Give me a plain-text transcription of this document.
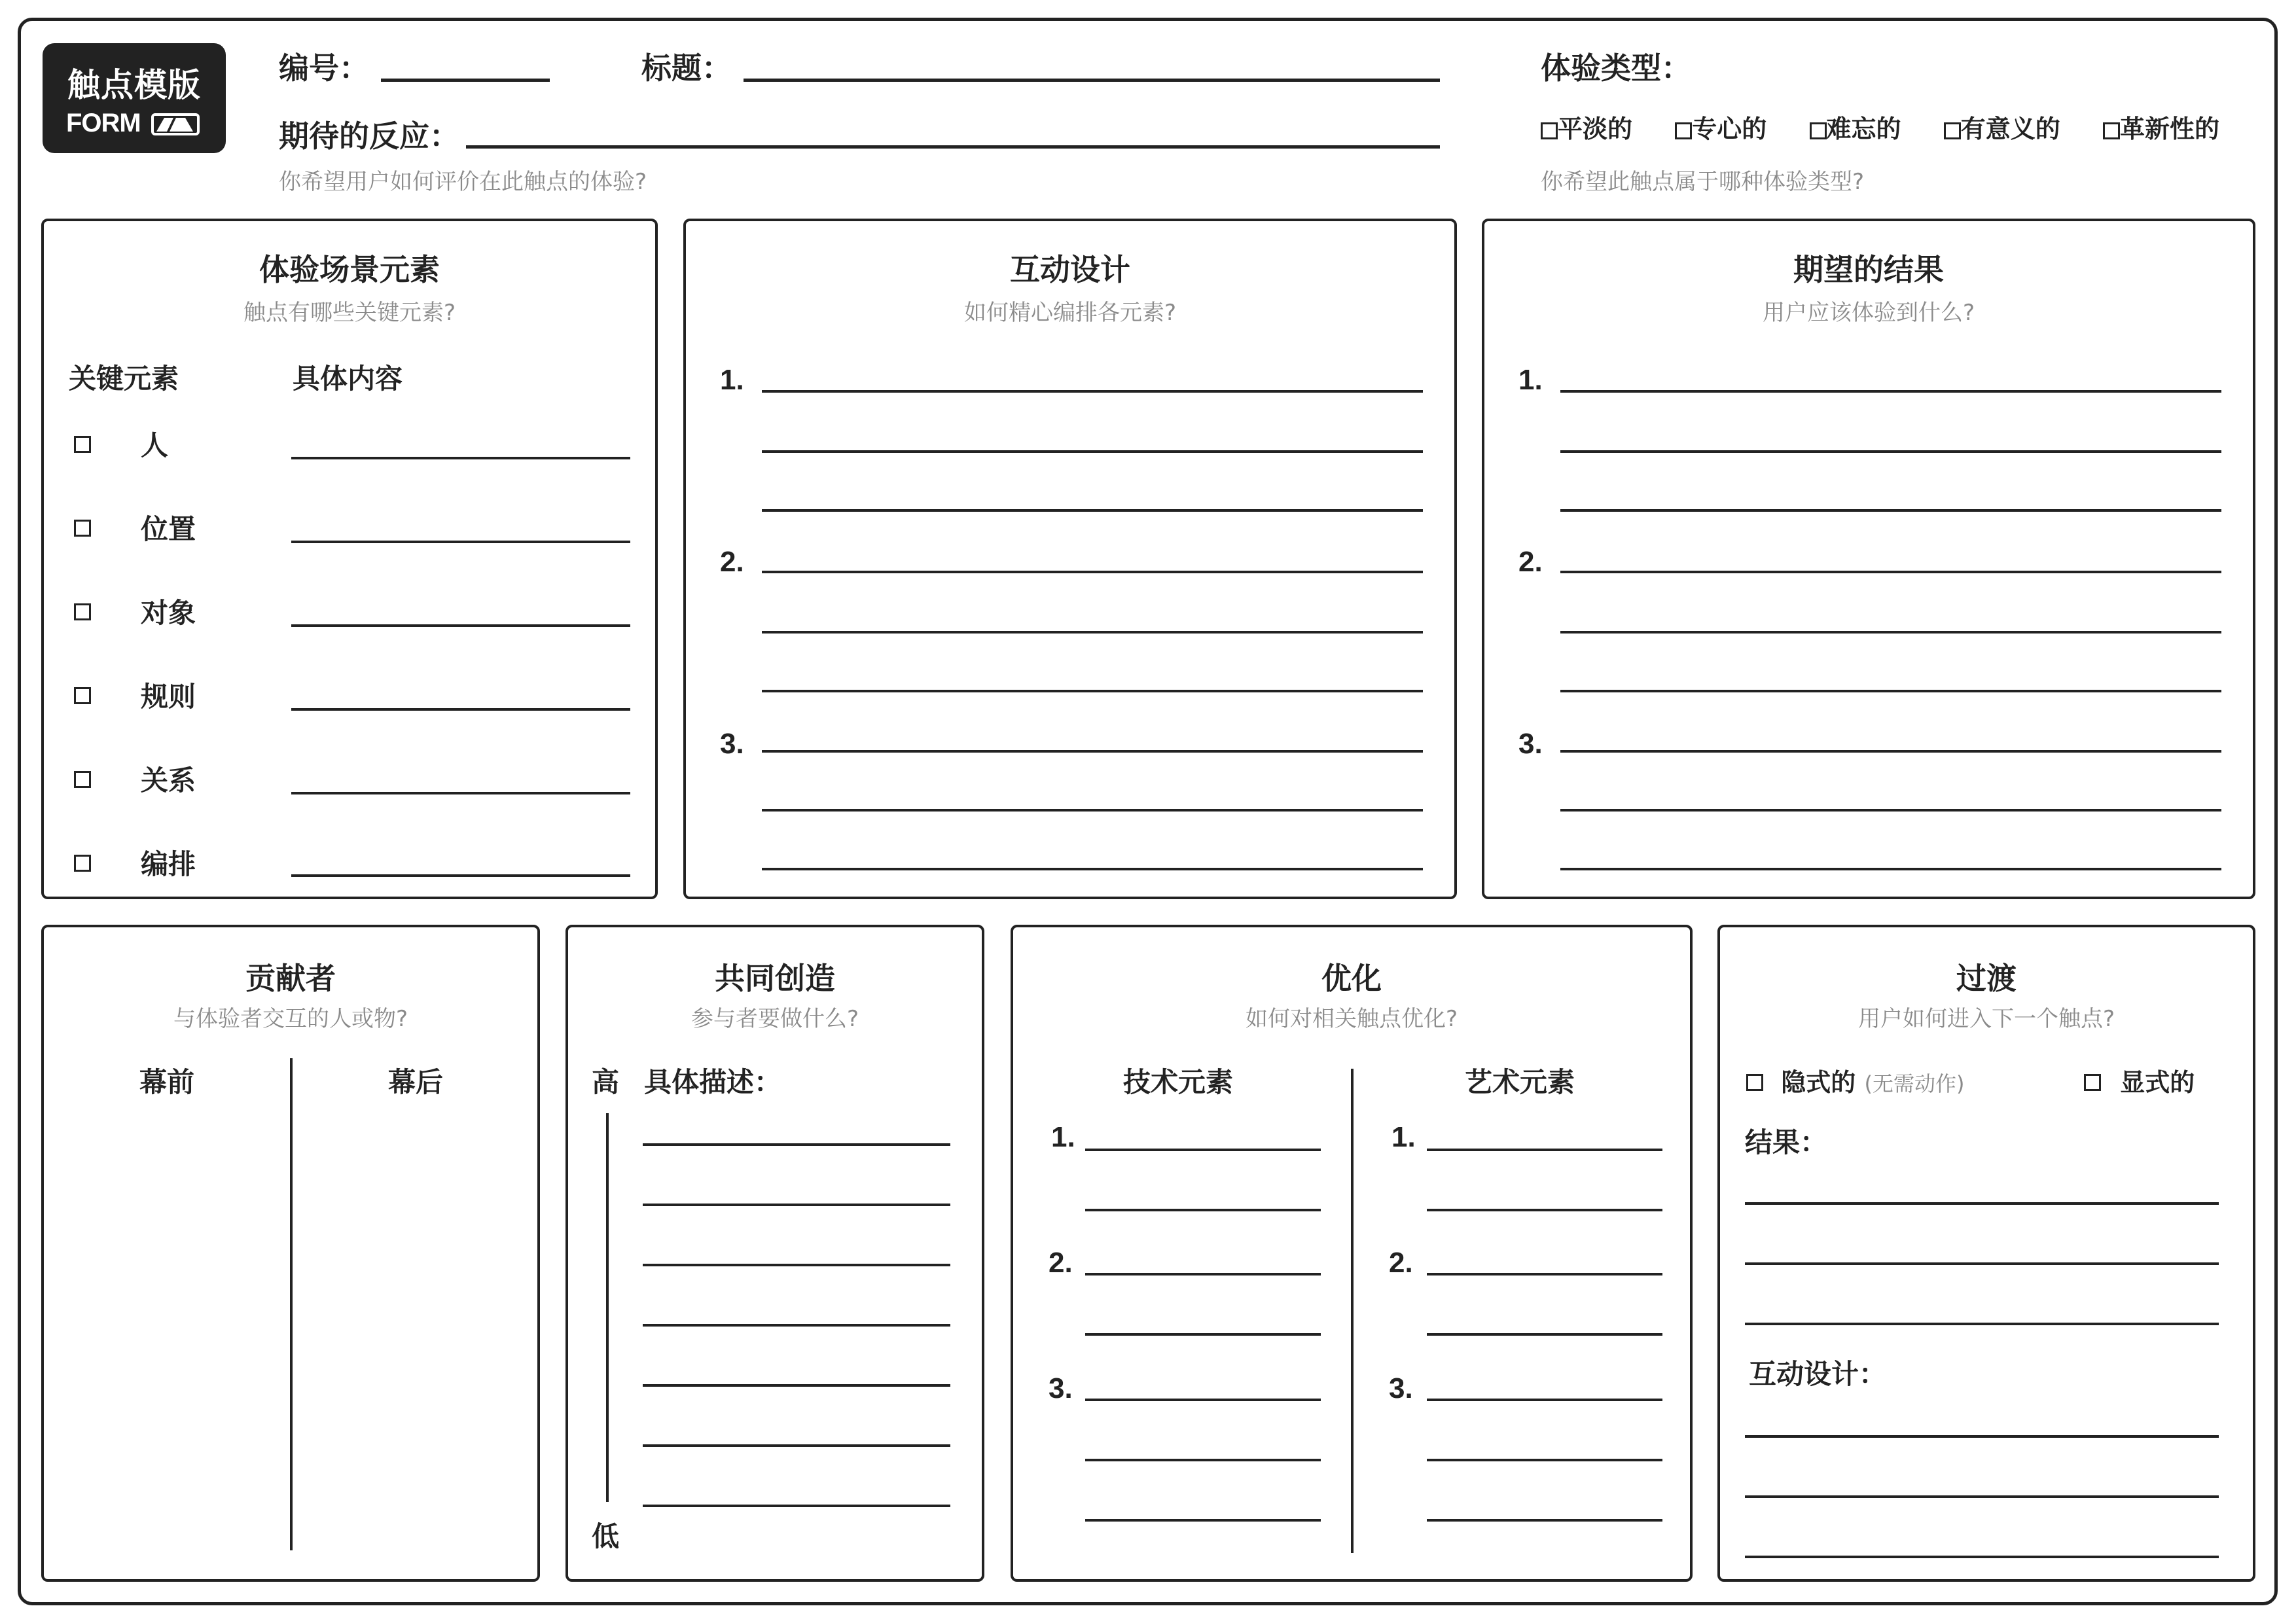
触点模版
FORM
编号：	标题：
期待的反应：
你希望用户如何评价在此触点的体验?
体验类型：
平淡的 专心的 难忘的 有意义的 革新性的
你希望此触点属于哪种体验类型?
体验场景元素
触点有哪些关键元素?
关键元素	具体内容
人
位置
对象
规则
关系
编排
互动设计
如何精心编排各元素?
1.
2.
3.
期望的结果
用户应该体验到什么?
1.
2.
3.
贡献者
与体验者交互的人或物?
幕前	幕后
共同创造
参与者要做什么?
高 具体描述：
低
优化
如何对相关触点优化?
技术元素	艺术元素
1.
2.
3.
1.
2.
3.
过渡
用户如何进入下一个触点?
隐式的 (无需动作)	显式的
结果：
互动设计：
